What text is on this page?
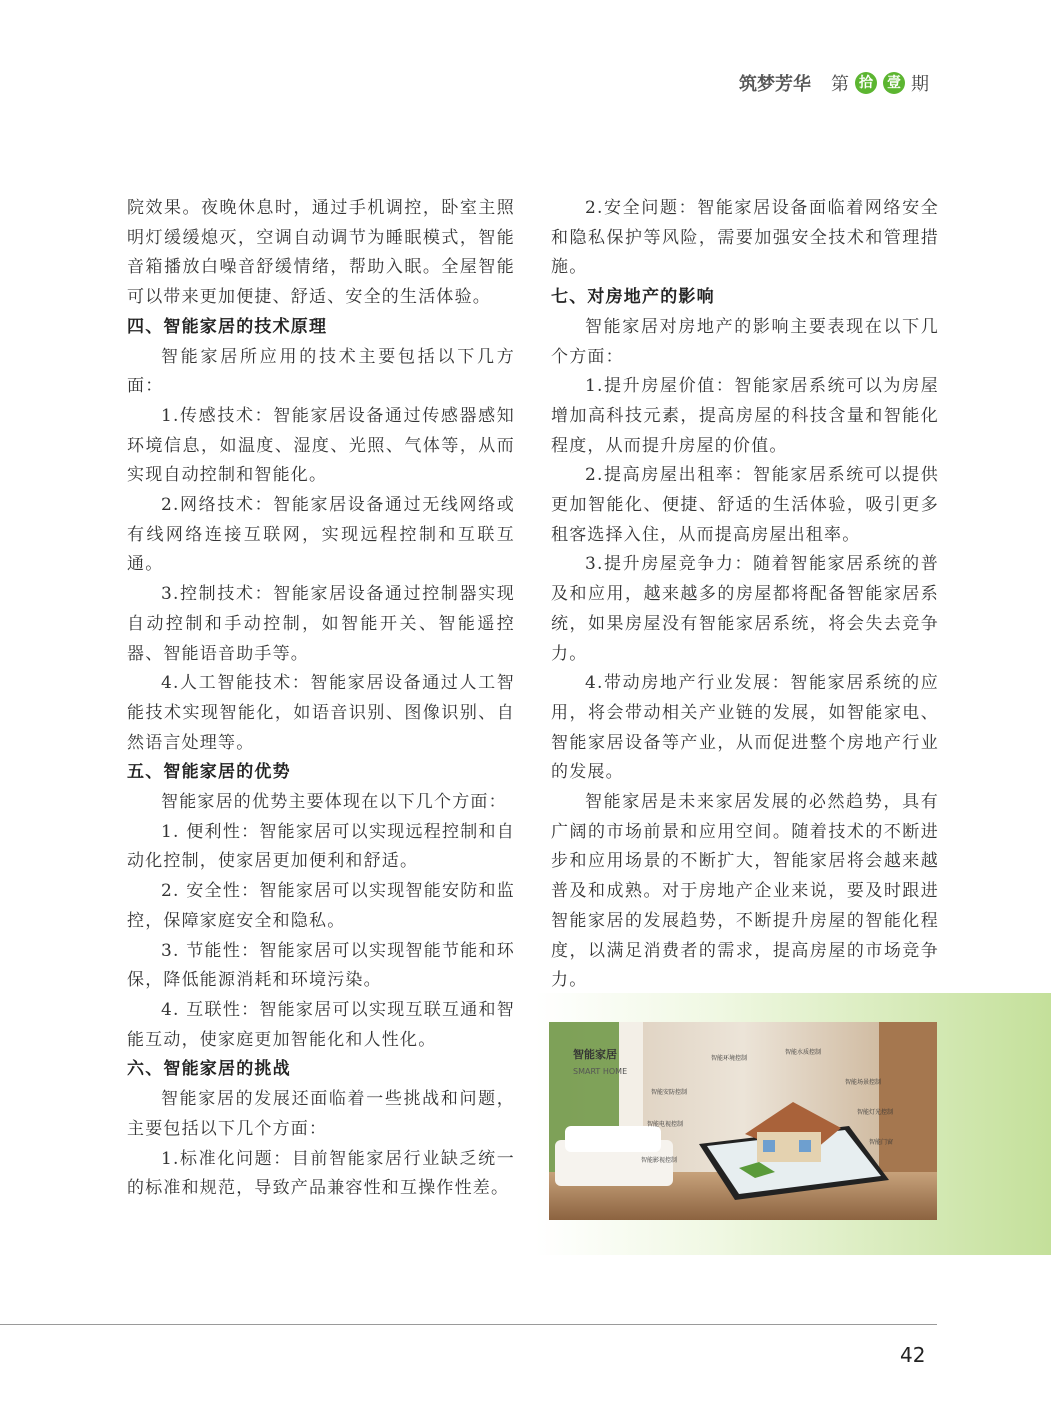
筑梦芳华 第 拾 壹 期

院效果。夜晚休息时，通过手机调控，卧室主照明灯缓缓熄灭，空调自动调节为睡眠模式，智能音箱播放白噪音舒缓情绪，帮助入眠。全屋智能可以带来更加便捷、舒适、安全的生活体验。

四、智能家居的技术原理

智能家居所应用的技术主要包括以下几方面：

1.传感技术：智能家居设备通过传感器感知环境信息，如温度、湿度、光照、气体等，从而实现自动控制和智能化。

2.网络技术：智能家居设备通过无线网络或有线网络连接互联网，实现远程控制和互联互通。

3.控制技术：智能家居设备通过控制器实现自动控制和手动控制，如智能开关、智能遥控器、智能语音助手等。

4.人工智能技术：智能家居设备通过人工智能技术实现智能化，如语音识别、图像识别、自然语言处理等。

五、智能家居的优势

智能家居的优势主要体现在以下几个方面：

1. 便利性：智能家居可以实现远程控制和自动化控制，使家居更加便利和舒适。

2. 安全性：智能家居可以实现智能安防和监控，保障家庭安全和隐私。

3. 节能性：智能家居可以实现智能节能和环保，降低能源消耗和环境污染。

4. 互联性：智能家居可以实现互联互通和智能互动，使家庭更加智能化和人性化。

六、智能家居的挑战

智能家居的发展还面临着一些挑战和问题，主要包括以下几个方面：

1.标准化问题：目前智能家居行业缺乏统一的标准和规范，导致产品兼容性和互操作性差。

2.安全问题：智能家居设备面临着网络安全和隐私保护等风险，需要加强安全技术和管理措施。

七、对房地产的影响

智能家居对房地产的影响主要表现在以下几个方面：

1.提升房屋价值：智能家居系统可以为房屋增加高科技元素，提高房屋的科技含量和智能化程度，从而提升房屋的价值。

2.提高房屋出租率：智能家居系统可以提供更加智能化、便捷、舒适的生活体验，吸引更多租客选择入住，从而提高房屋出租率。

3.提升房屋竞争力：随着智能家居系统的普及和应用，越来越多的房屋都将配备智能家居系统，如果房屋没有智能家居系统，将会失去竞争力。

4.带动房地产行业发展：智能家居系统的应用，将会带动相关产业链的发展，如智能家电、智能家居设备等产业，从而促进整个房地产行业的发展。

智能家居是未来家居发展的必然趋势，具有广阔的市场前景和应用空间。随着技术的不断进步和应用场景的不断扩大，智能家居将会越来越普及和成熟。对于房地产企业来说，要及时跟进智能家居的发展趋势，不断提升房屋的智能化程度，以满足消费者的需求，提高房屋的市场竞争力。

智能家居
SMART HOME
智能环境控制
智能水质控制
智能场景控制
智能安防控制
智能灯光控制
智能电视控制
智能门窗
智能影视控制
42
